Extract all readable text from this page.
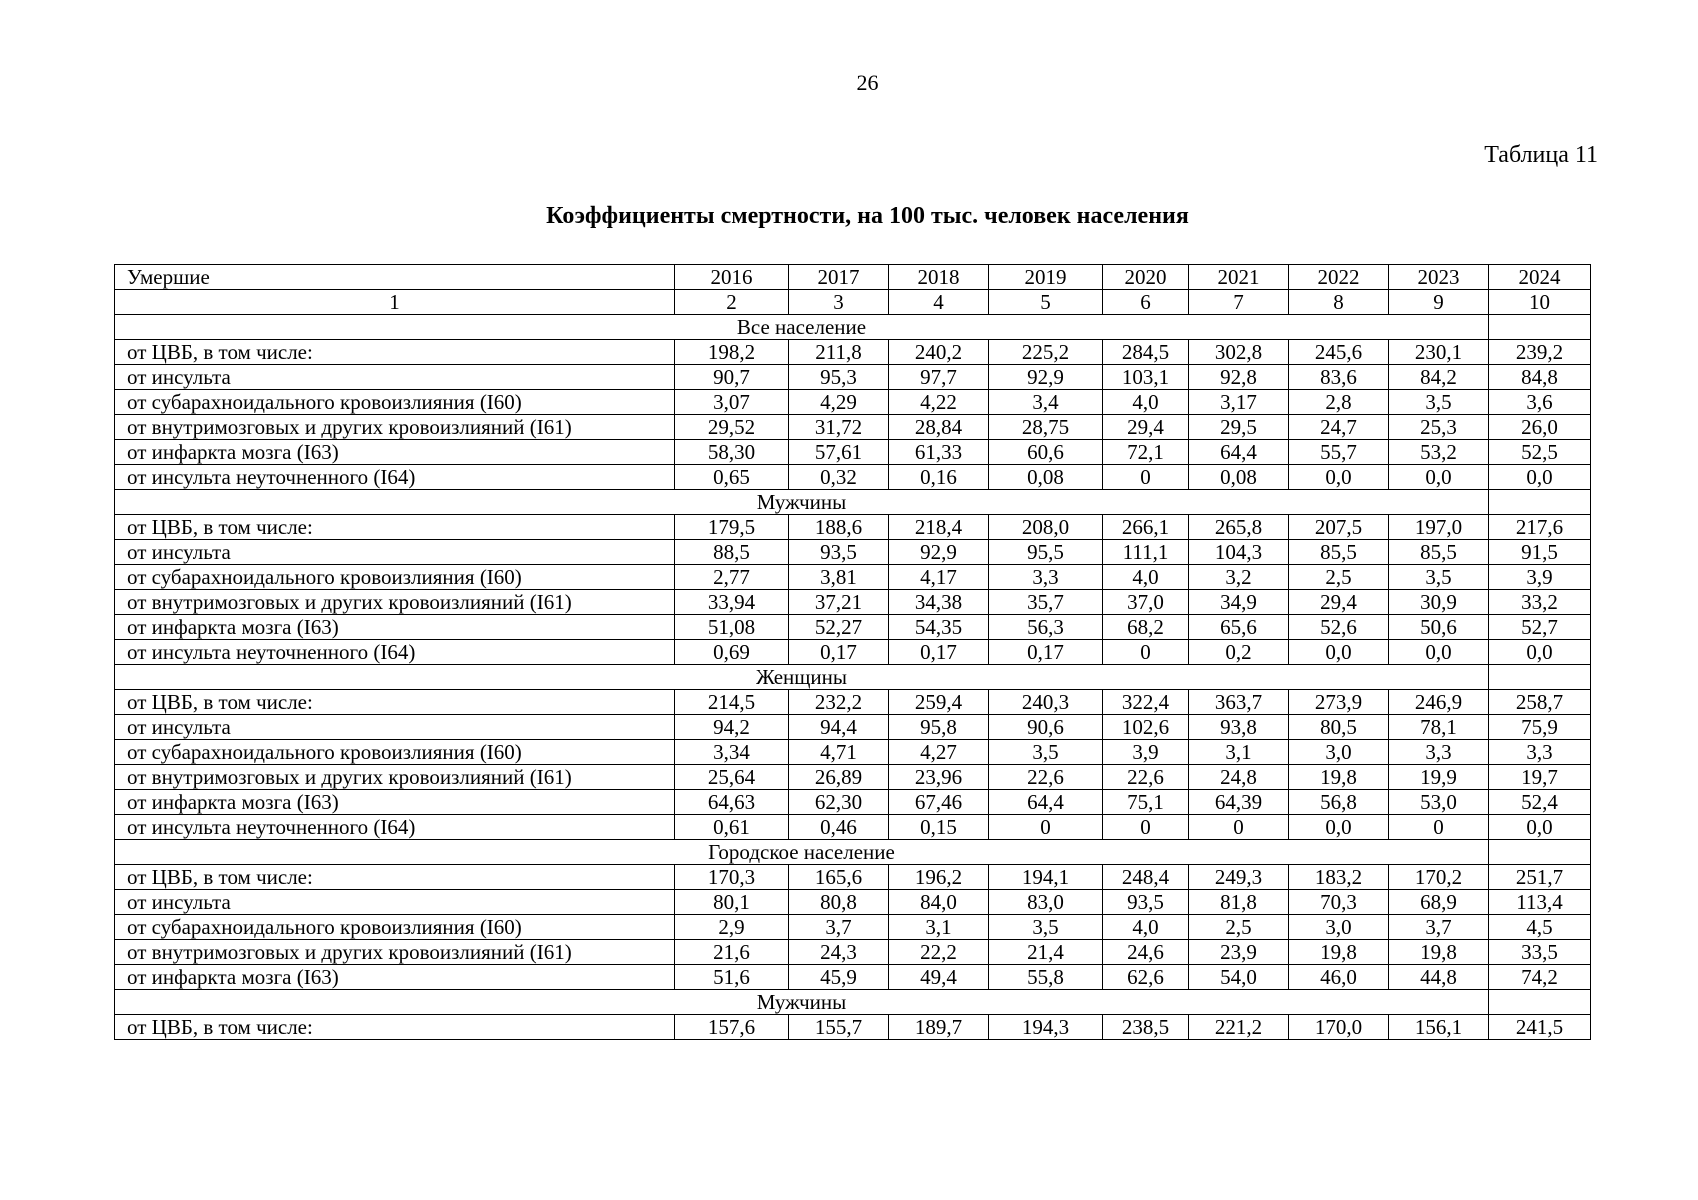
26
Таблица 11
Коэффициенты смертности, на 100 тыс. человек населения
Умершие	2016	2017	2018	2019	2020	2021	2022	2023	2024
1	2	3	4	5	6	7	8	9	10
Все население									
от ЦВБ, в том числе:	198,2	211,8	240,2	225,2	284,5	302,8	245,6	230,1	239,2
от инсульта	90,7	95,3	97,7	92,9	103,1	92,8	83,6	84,2	84,8
от субарахноидального кровоизлияния (I60)	3,07	4,29	4,22	3,4	4,0	3,17	2,8	3,5	3,6
от внутримозговых и других кровоизлияний (I61)	29,52	31,72	28,84	28,75	29,4	29,5	24,7	25,3	26,0
от инфаркта мозга (I63)	58,30	57,61	61,33	60,6	72,1	64,4	55,7	53,2	52,5
от инсульта неуточненного (I64)	0,65	0,32	0,16	0,08	0	0,08	0,0	0,0	0,0
Мужчины									
от ЦВБ, в том числе:	179,5	188,6	218,4	208,0	266,1	265,8	207,5	197,0	217,6
от инсульта	88,5	93,5	92,9	95,5	111,1	104,3	85,5	85,5	91,5
от субарахноидального кровоизлияния (I60)	2,77	3,81	4,17	3,3	4,0	3,2	2,5	3,5	3,9
от внутримозговых и других кровоизлияний (I61)	33,94	37,21	34,38	35,7	37,0	34,9	29,4	30,9	33,2
от инфаркта мозга (I63)	51,08	52,27	54,35	56,3	68,2	65,6	52,6	50,6	52,7
от инсульта неуточненного (I64)	0,69	0,17	0,17	0,17	0	0,2	0,0	0,0	0,0
Женщины									
от ЦВБ, в том числе:	214,5	232,2	259,4	240,3	322,4	363,7	273,9	246,9	258,7
от инсульта	94,2	94,4	95,8	90,6	102,6	93,8	80,5	78,1	75,9
от субарахноидального кровоизлияния (I60)	3,34	4,71	4,27	3,5	3,9	3,1	3,0	3,3	3,3
от внутримозговых и других кровоизлияний (I61)	25,64	26,89	23,96	22,6	22,6	24,8	19,8	19,9	19,7
от инфаркта мозга (I63)	64,63	62,30	67,46	64,4	75,1	64,39	56,8	53,0	52,4
от инсульта неуточненного (I64)	0,61	0,46	0,15	0	0	0	0,0	0	0,0
Городское население									
от ЦВБ, в том числе:	170,3	165,6	196,2	194,1	248,4	249,3	183,2	170,2	251,7
от инсульта	80,1	80,8	84,0	83,0	93,5	81,8	70,3	68,9	113,4
от субарахноидального кровоизлияния (I60)	2,9	3,7	3,1	3,5	4,0	2,5	3,0	3,7	4,5
от внутримозговых и других кровоизлияний (I61)	21,6	24,3	22,2	21,4	24,6	23,9	19,8	19,8	33,5
от инфаркта мозга (I63)	51,6	45,9	49,4	55,8	62,6	54,0	46,0	44,8	74,2
Мужчины									
от ЦВБ, в том числе:	157,6	155,7	189,7	194,3	238,5	221,2	170,0	156,1	241,5
